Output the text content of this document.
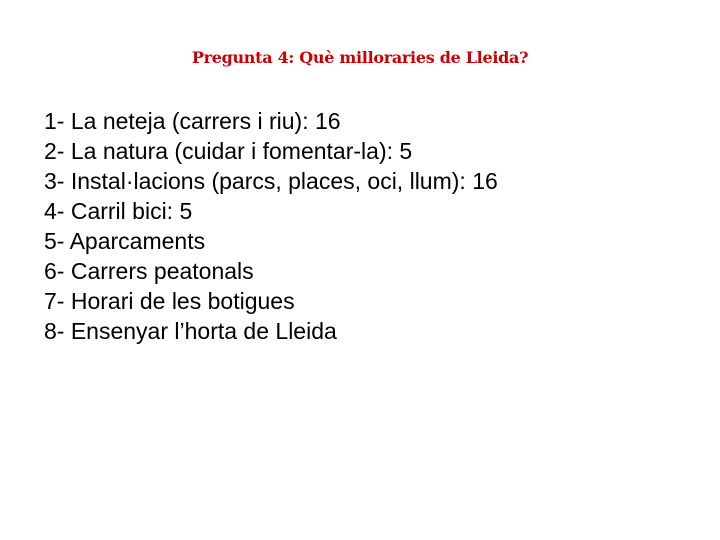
Pregunta 4: Què milloraries de Lleida?
1- La neteja (carrers i riu): 16
2- La natura (cuidar i fomentar-la): 5
3- Instal·lacions (parcs, places, oci, llum): 16
4- Carril bici: 5
5- Aparcaments
6- Carrers peatonals
7- Horari de les botigues
8- Ensenyar l’horta de Lleida
